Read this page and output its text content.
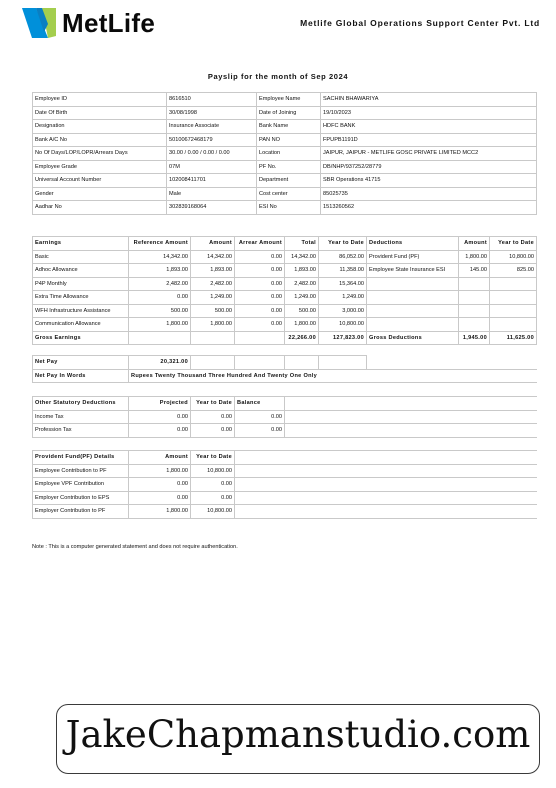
MetLife	Metlife Global Operations Support Center Pvt. Ltd
Payslip for the month of Sep 2024
Employee ID	8616510	Employee Name	SACHIN BHAWARIYA
Date Of Birth	30/08/1998	Date of Joining	19/10/2023
Designation	Insurance Associate	Bank Name	HDFC BANK
Bank A/C No	50100672468179	PAN NO	FPUPB1191D
No Of Days/LOP/LOPR/Arrears Days	30.00 / 0.00 / 0.00 / 0.00	Location	JAIPUR, JAIPUR - METLIFE GOSC PRIVATE LIMITED MCC2
Employee Grade	07M	PF No.	DB/NHP/937252/28779
Universal Account Number	102008411701	Department	SBR Operations 41715
Gender	Male	Cost center	85025735
Aadhar No	302839168064	ESI No	1513260562
Earnings	Reference Amount	Amount	Arrear Amount	Total	Year to Date	Deductions	Amount	Year to Date
Basic	14,342.00	14,342.00	0.00	14,342.00	86,052.00	Provident Fund (PF)	1,800.00	10,800.00
Adhoc Allowance	1,893.00	1,893.00	0.00	1,893.00	11,358.00	Employee State Insurance ESI	145.00	825.00
P4P Monthly	2,482.00	2,482.00	0.00	2,482.00	15,364.00			
Extra Time Allowance	0.00	1,249.00	0.00	1,249.00	1,249.00			
WFH Infrastructure Assistance	500.00	500.00	0.00	500.00	3,000.00			
Communication Allowance	1,800.00	1,800.00	0.00	1,800.00	10,800.00			
Gross Earnings				22,266.00	127,823.00	Gross Deductions	1,945.00	11,625.00
Net Pay	20,321.00					
Net Pay In Words	Rupees Twenty Thousand Three Hundred And Twenty One Only					
Other Statutory Deductions	Projected	Year to Date	Balance	
Income Tax	0.00	0.00	0.00	
Profession Tax	0.00	0.00	0.00	
Provident Fund(PF) Details	Amount	Year to Date	
Employee Contribution to PF	1,800.00	10,800.00	
Employee VPF Contribution	0.00	0.00	
Employer Contribution to EPS	0.00	0.00	
Employer Contribution to PF	1,800.00	10,800.00	
Note : This is a computer generated statement and does not require authentication.
JakeChapmanstudio.com
